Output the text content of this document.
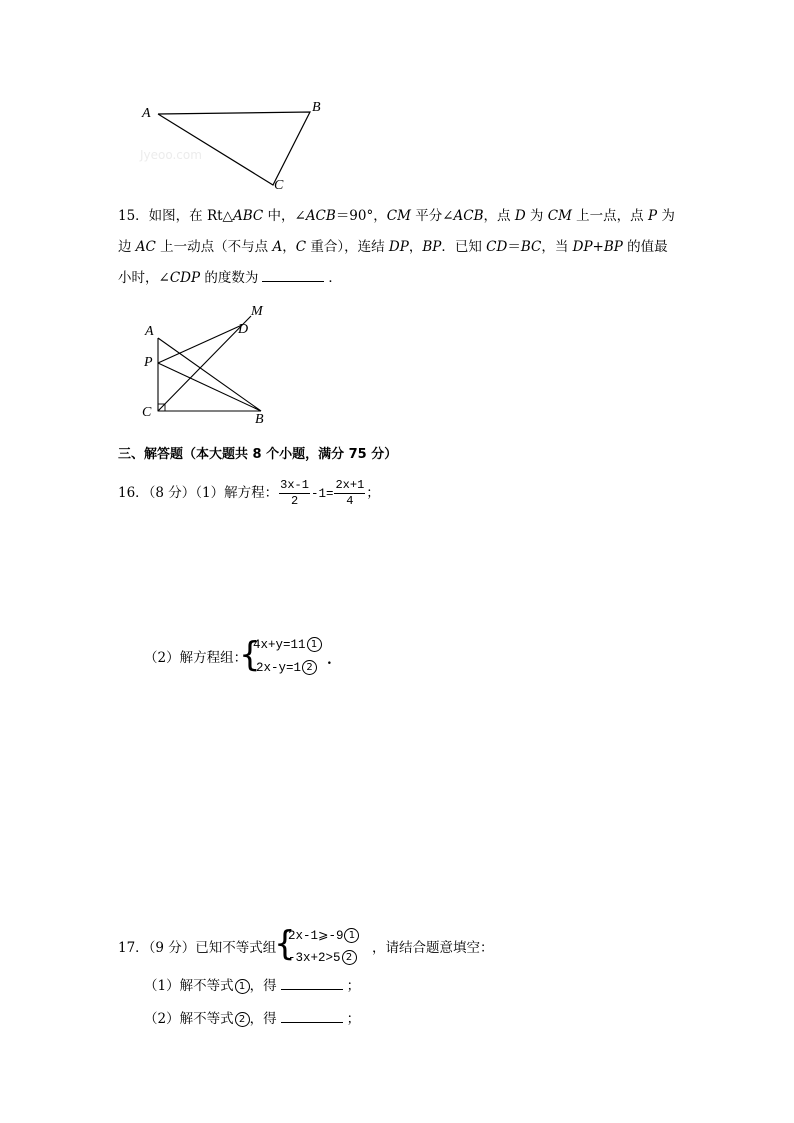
A	B
C
Jyeoo.com
15．如图，在 Rt△ABC 中，∠ACB＝90°，CM 平分∠ACB，点 D 为 CM 上一点，点 P 为
边 AC 上一动点（不与点 A，C 重合），连结 DP，BP．已知 CD＝BC，当 DP+BP 的值最
小时，∠CDP 的度数为	．
A
M
D
P
C	B
三、解答题（本大题共 8 个小题，满分 75 分）
16．（8 分）（1）解方程： $\frac{3x-1}{2} -1= \frac{2x+1}{4}$ ；
（2）解方程组：
{
4x+y=11 1
2x-y=1 2	.
17．（9 分）已知不等式组
{
2x-1⩾-9 1
-3x+2>5 2
，请结合题意填空：
（1）解不等式 1 ，得	；
（2）解不等式 2 ，得	；
